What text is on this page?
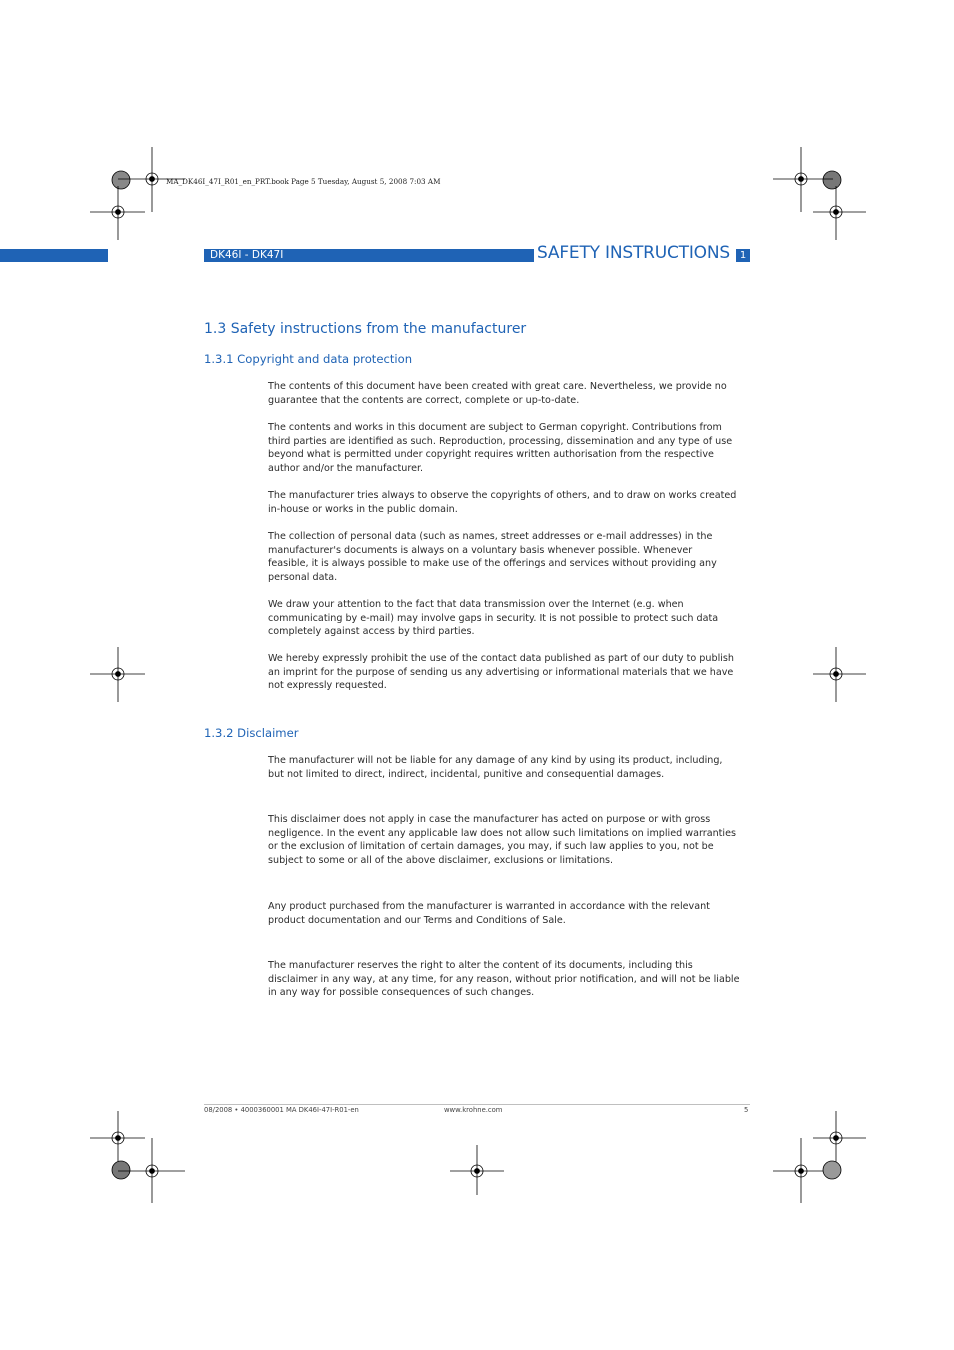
MA_DK46I_47I_R01_en_PRT.book Page 5 Tuesday, August 5, 2008 7:03 AM
DK46I - DK47I	SAFETY INSTRUCTIONS 1
1.3 Safety instructions from the manufacturer
1.3.1 Copyright and data protection
The contents of this document have been created with great care. Nevertheless, we provide no
guarantee that the contents are correct, complete or up-to-date.
The contents and works in this document are subject to German copyright. Contributions from
third parties are identified as such. Reproduction, processing, dissemination and any type of use
beyond what is permitted under copyright requires written authorisation from the respective
author and/or the manufacturer.
The manufacturer tries always to observe the copyrights of others, and to draw on works created
in-house or works in the public domain.
The collection of personal data (such as names, street addresses or e-mail addresses) in the
manufacturer's documents is always on a voluntary basis whenever possible. Whenever
feasible, it is always possible to make use of the offerings and services without providing any
personal data.
We draw your attention to the fact that data transmission over the Internet (e.g. when
communicating by e-mail) may involve gaps in security. It is not possible to protect such data
completely against access by third parties.
We hereby expressly prohibit the use of the contact data published as part of our duty to publish
an imprint for the purpose of sending us any advertising or informational materials that we have
not expressly requested.
1.3.2 Disclaimer
The manufacturer will not be liable for any damage of any kind by using its product, including,
but not limited to direct, indirect, incidental, punitive and consequential damages.
This disclaimer does not apply in case the manufacturer has acted on purpose or with gross
negligence. In the event any applicable law does not allow such limitations on implied warranties
or the exclusion of limitation of certain damages, you may, if such law applies to you, not be
subject to some or all of the above disclaimer, exclusions or limitations.
Any product purchased from the manufacturer is warranted in accordance with the relevant
product documentation and our Terms and Conditions of Sale.
The manufacturer reserves the right to alter the content of its documents, including this
disclaimer in any way, at any time, for any reason, without prior notification, and will not be liable
in any way for possible consequences of such changes.
08/2008 • 4000360001 MA DK46I-47I-R01-en	www.krohne.com	5
